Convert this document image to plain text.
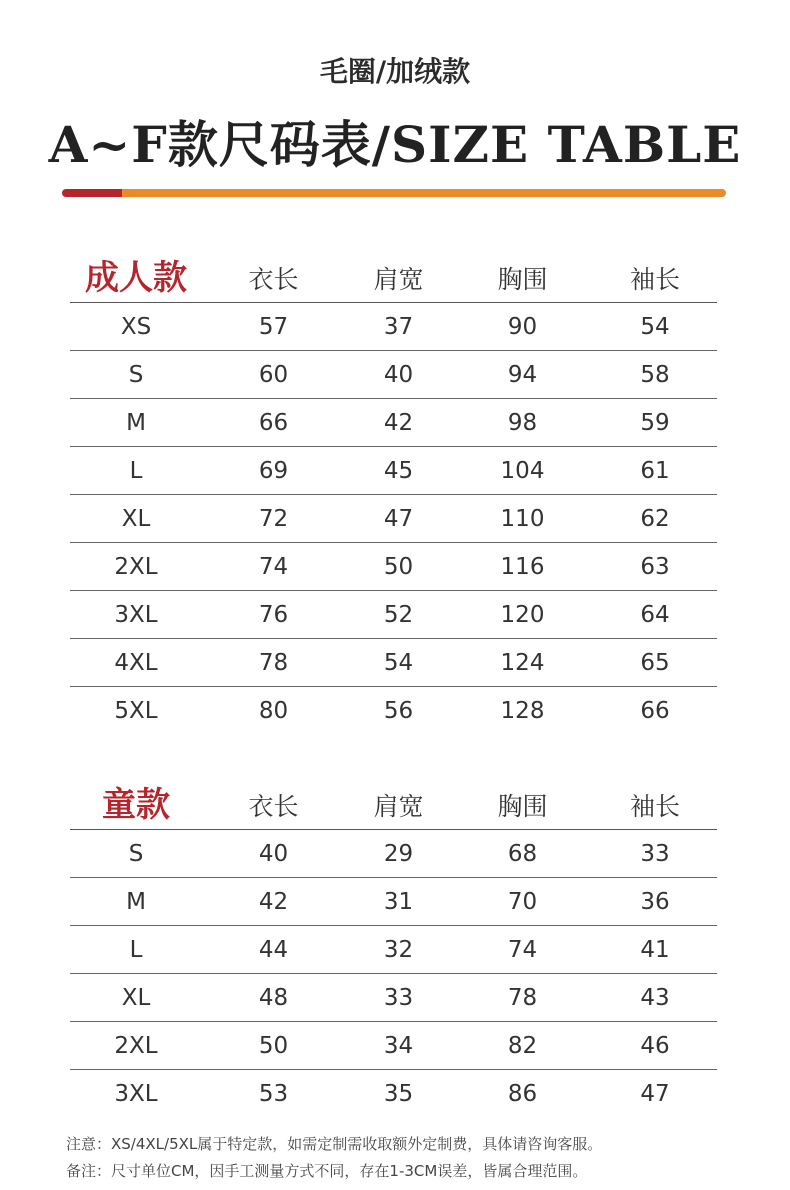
毛圈/加绒款
A~F款尺码表/SIZE TABLE
成人款	衣长	肩宽	胸围	袖长
XS	57	37	90	54
S	60	40	94	58
M	66	42	98	59
L	69	45	104	61
XL	72	47	110	62
2XL	74	50	116	63
3XL	76	52	120	64
4XL	78	54	124	65
5XL	80	56	128	66
童款	衣长	肩宽	胸围	袖长
S	40	29	68	33
M	42	31	70	36
L	44	32	74	41
XL	48	33	78	43
2XL	50	34	82	46
3XL	53	35	86	47
注意：XS/4XL/5XL属于特定款，如需定制需收取额外定制费，具体请咨询客服。
备注：尺寸单位CM，因手工测量方式不同，存在1-3CM误差，皆属合理范围。
